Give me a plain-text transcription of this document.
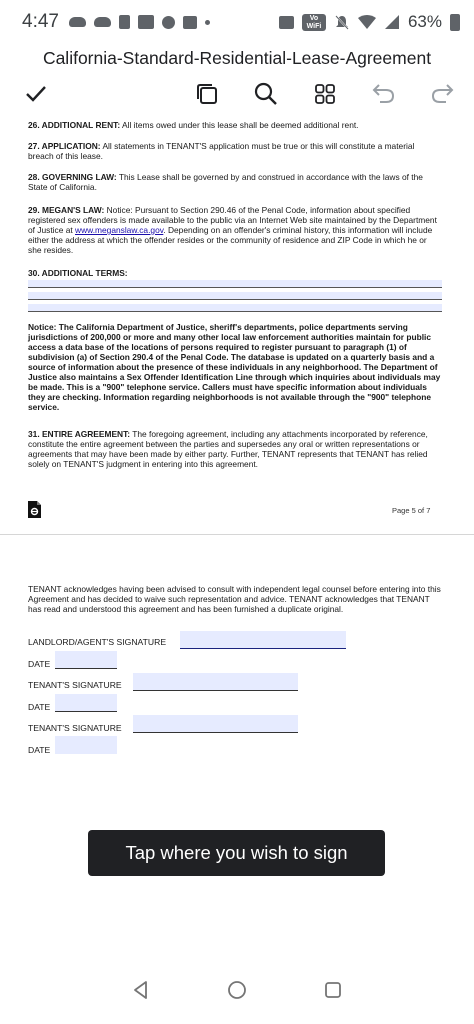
4:47	Vo
WiFi	63%
California-Standard-Residential-Lease-Agreement
26. ADDITIONAL RENT: All items owed under this lease shall be deemed additional rent.
27. APPLICATION: All statements in TENANT'S application must be true or this will constitute a material breach of this lease.
28. GOVERNING LAW: This Lease shall be governed by and construed in accordance with the laws of the State of California.
29. MEGAN'S LAW: Notice: Pursuant to Section 290.46 of the Penal Code, information about specified registered sex offenders is made available to the public via an Internet Web site maintained by the Department of Justice at www.meganslaw.ca.gov. Depending on an offender's criminal history, this information will include either the address at which the offender resides or the community of residence and ZIP Code in which he or she resides.
30. ADDITIONAL TERMS:
Notice: The California Department of Justice, sheriff's departments, police departments serving jurisdictions of 200,000 or more and many other local law enforcement authorities maintain for public access a data base of the locations of persons required to register pursuant to paragraph (1) of subdivision (a) of Section 290.4 of the Penal Code. The database is updated on a quarterly basis and a source of information about the presence of these individuals in any neighborhood. The Department of Justice also maintains a Sex Offender Identification Line through which inquiries about individuals may be made. This is a "900" telephone service. Callers must have specific information about individuals they are checking. Information regarding neighborhoods is not available through the "900" telephone service.
31. ENTIRE AGREEMENT: The foregoing agreement, including any attachments incorporated by reference, constitute the entire agreement between the parties and supersedes any oral or written representations or agreements that may have been made by either party. Further, TENANT represents that TENANT has relied solely on TENANT'S judgment in entering into this agreement.
Page 5 of 7
TENANT acknowledges having been advised to consult with independent legal counsel before entering into this Agreement and has decided to waive such representation and advice. TENANT acknowledges that TENANT has read and understood this agreement and has been furnished a duplicate original.
LANDLORD/AGENT'S SIGNATURE
DATE
TENANT'S SIGNATURE
DATE
TENANT'S SIGNATURE
DATE
Tap where you wish to sign
